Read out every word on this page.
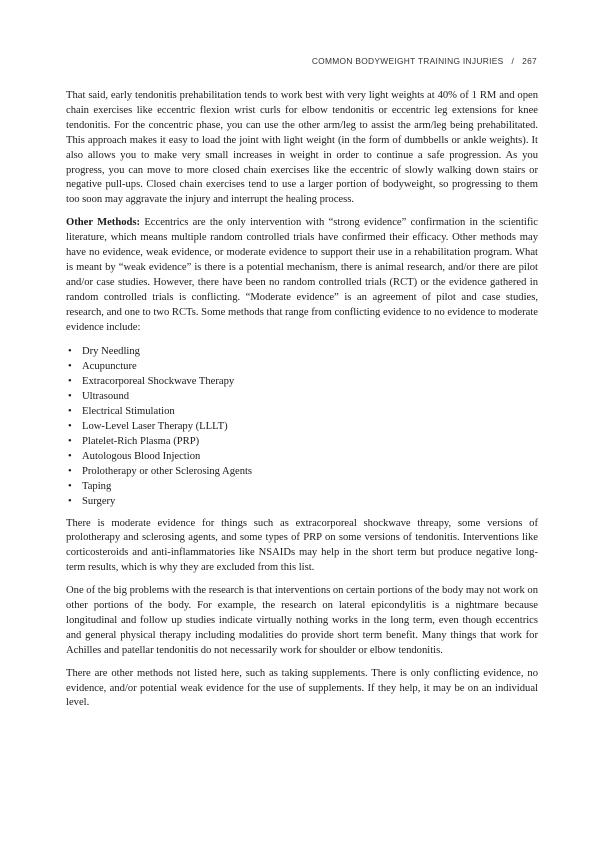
COMMON BODYWEIGHT TRAINING INJURIES / 267

That said, early tendonitis prehabilitation tends to work best with very light weights at 40% of 1 RM and open chain exercises like eccentric flexion wrist curls for elbow tendonitis or eccentric leg extensions for knee tendonitis. For the concentric phase, you can use the other arm/leg to assist the arm/leg being prehabilitated. This approach makes it easy to load the joint with light weight (in the form of dumbbells or ankle weights). It also allows you to make very small increases in weight in order to continue a safe progression. As you progress, you can move to more closed chain exercises like the eccentric of slowly walking down stairs or negative pull-ups. Closed chain exercises tend to use a larger portion of bodyweight, so progressing to them too soon may aggravate the injury and interrupt the healing process.

Other Methods: Eccentrics are the only intervention with “strong evidence” confirmation in the scientific literature, which means multiple random controlled trials have confirmed their efficacy. Other methods may have no evidence, weak evidence, or moderate evidence to support their use in a rehabilitation program. What is meant by “weak evidence” is there is a potential mechanism, there is animal research, and/or there are pilot and/or case studies. However, there have been no random controlled trials (RCT) or the evidence gathered in random controlled trials is conflicting. “Moderate evidence” is an agreement of pilot and case studies, research, and one to two RCTs. Some methods that range from conflicting evidence to no evidence to moderate evidence include:

• Dry Needling
• Acupuncture
• Extracorporeal Shockwave Therapy
• Ultrasound
• Electrical Stimulation
• Low-Level Laser Therapy (LLLT)
• Platelet-Rich Plasma (PRP)
• Autologous Blood Injection
• Prolotherapy or other Sclerosing Agents
• Taping
• Surgery

There is moderate evidence for things such as extracorporeal shockwave threapy, some versions of prolotherapy and sclerosing agents, and some types of PRP on some versions of tendonitis. Interventions like corticosteroids and anti-inflammatories like NSAIDs may help in the short term but produce negative long-term results, which is why they are excluded from this list.

One of the big problems with the research is that interventions on certain portions of the body may not work on other portions of the body. For example, the research on lateral epicondylitis is a nightmare because longitudinal and follow up studies indicate virtually nothing works in the long term, even though eccentrics and general physical therapy including modalities do provide short term benefit. Many things that work for Achilles and patellar tendonitis do not necessarily work for shoulder or elbow tendonitis.

There are other methods not listed here, such as taking supplements. There is only conflicting evidence, no evidence, and/or potential weak evidence for the use of supplements. If they help, it may be on an individual level.
